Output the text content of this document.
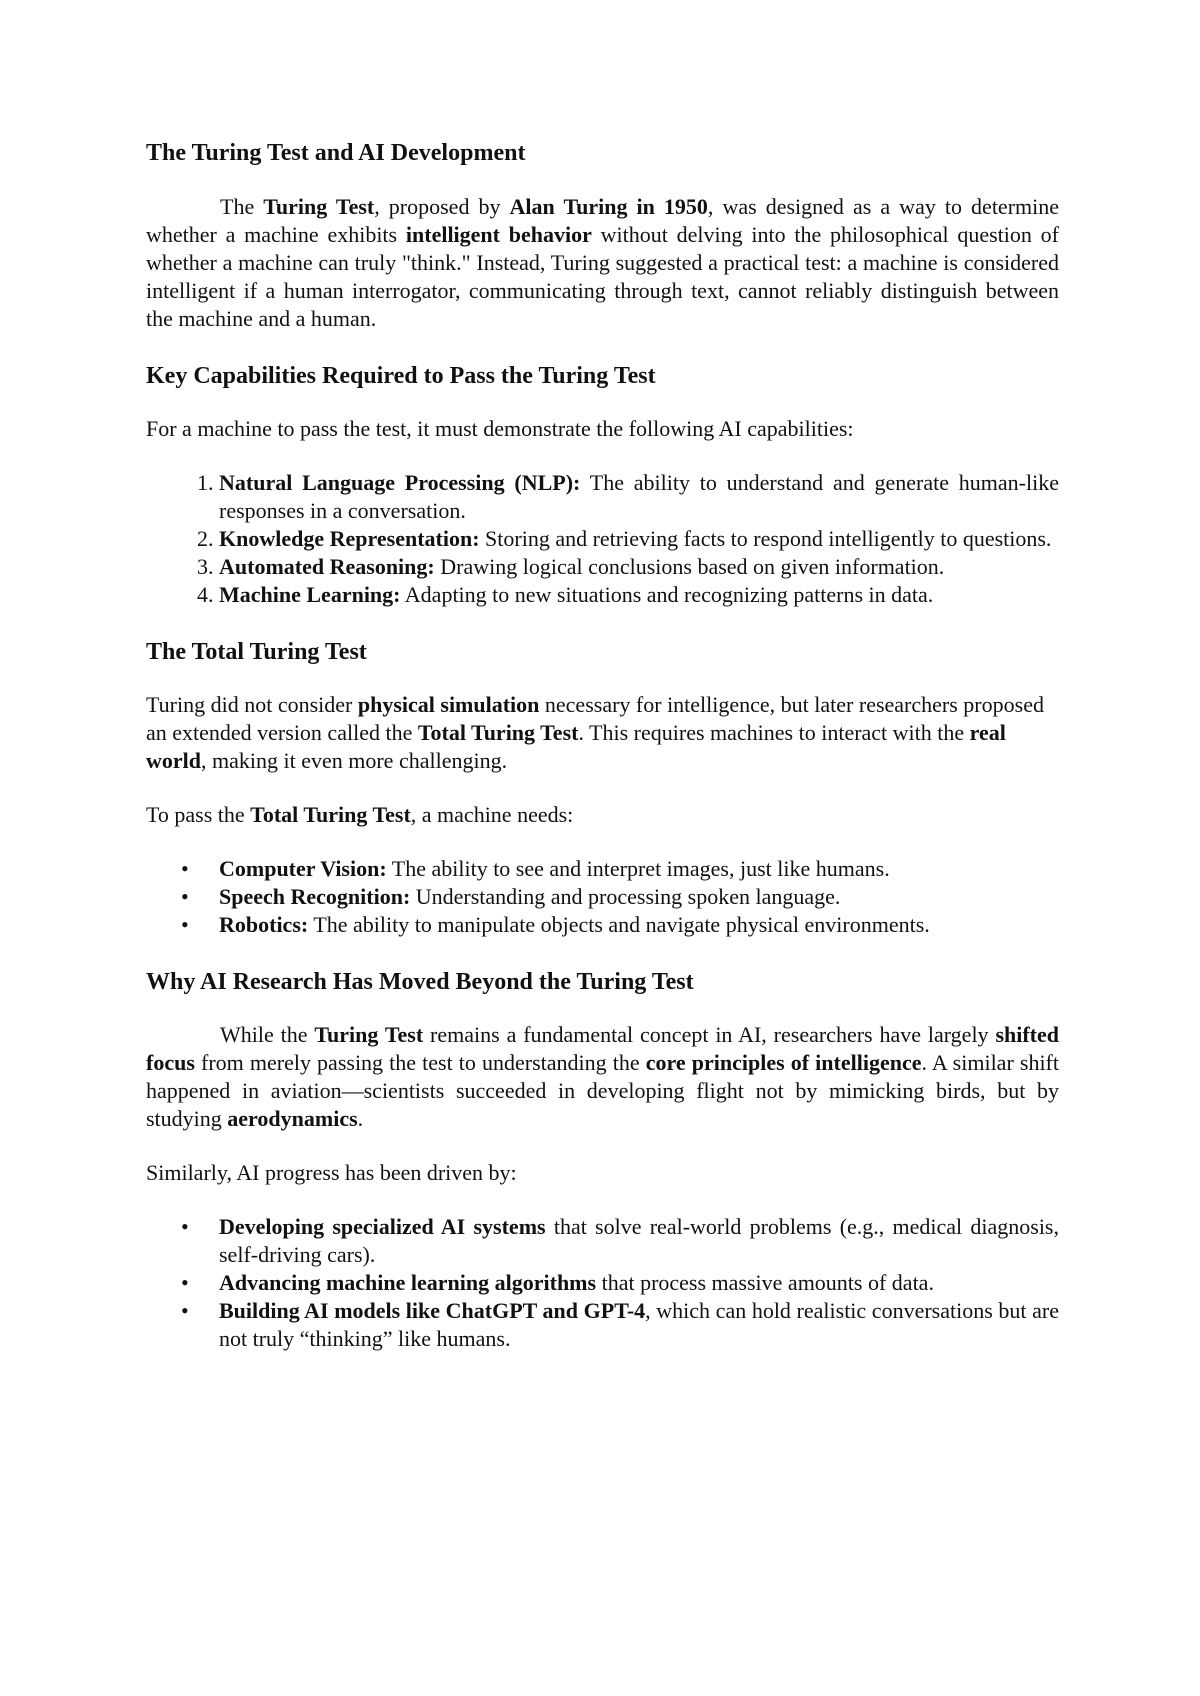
The Turing Test and AI Development

The Turing Test, proposed by Alan Turing in 1950, was designed as a way to determine whether a machine exhibits intelligent behavior without delving into the philosophical question of whether a machine can truly "think." Instead, Turing suggested a practical test: a machine is considered intelligent if a human interrogator, communicating through text, cannot reliably distinguish between the machine and a human.

Key Capabilities Required to Pass the Turing Test

For a machine to pass the test, it must demonstrate the following AI capabilities:

1. Natural Language Processing (NLP): The ability to understand and generate human-like responses in a conversation.
2. Knowledge Representation: Storing and retrieving facts to respond intelligently to questions.
3. Automated Reasoning: Drawing logical conclusions based on given information.
4. Machine Learning: Adapting to new situations and recognizing patterns in data.
The Total Turing Test

Turing did not consider physical simulation necessary for intelligence, but later researchers proposed an extended version called the Total Turing Test. This requires machines to interact with the real world, making it even more challenging.

To pass the Total Turing Test, a machine needs:

• Computer Vision: The ability to see and interpret images, just like humans.
• Speech Recognition: Understanding and processing spoken language.
• Robotics: The ability to manipulate objects and navigate physical environments.
Why AI Research Has Moved Beyond the Turing Test

While the Turing Test remains a fundamental concept in AI, researchers have largely shifted focus from merely passing the test to understanding the core principles of intelligence. A similar shift happened in aviation—scientists succeeded in developing flight not by mimicking birds, but by studying aerodynamics.

Similarly, AI progress has been driven by:

• Developing specialized AI systems that solve real-world problems (e.g., medical diagnosis, self-driving cars).
• Advancing machine learning algorithms that process massive amounts of data.
• Building AI models like ChatGPT and GPT-4, which can hold realistic conversations but are not truly “thinking” like humans.
